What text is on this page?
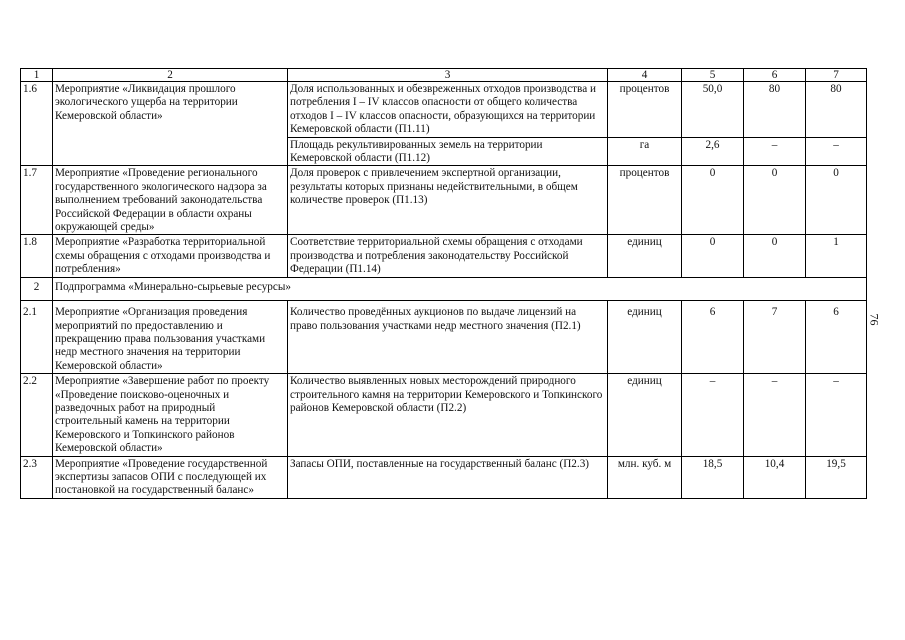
1	2	3	4	5	6	7
1.6	Мероприятие «Ликвидация прошлого экологического ущерба на территории Кемеровской области»	Доля использованных и обезвреженных отходов производства и потребления I – IV классов опасности от общего количества отходов I – IV классов опасности, образующихся на территории Кемеровской области (П1.11)	процентов	50,0	80	80
		Площадь рекультивированных земель на территории Кемеровской области (П1.12)	га	2,6	–	–
1.7	Мероприятие «Проведение регионального государственного экологического надзора за выполнением требований законодательства Российской Федерации в области охраны окружающей среды»	Доля проверок с привлечением экспертной организации, результаты которых признаны недействительными, в общем количестве проверок (П1.13)	процентов	0	0	0
1.8	Мероприятие «Разработка территориальной схемы обращения с отходами производства и потребления»	Соответствие территориальной схемы обращения с отходами производства и потребления законодательству Российской Федерации (П1.14)	единиц	0	0	1
2	Подпрограмма «Минерально-сырьевые ресурсы»					
2.1	Мероприятие «Организация проведения мероприятий по предоставлению и прекращению права пользования участками недр местного значения на территории Кемеровской области»	Количество проведённых аукционов по выдаче лицензий на право пользования участками недр местного значения (П2.1)	единиц	6	7	6
2.2	Мероприятие «Завершение работ по проекту «Проведение поисково-оценочных и разведочных работ на природный строительный камень на территории Кемеровского и Топкинского районов Кемеровской области»	Количество выявленных новых месторождений природного строительного камня на территории Кемеровского и Топкинского районов Кемеровской области (П2.2)	единиц	–	–	–
2.3	Мероприятие «Проведение государственной экспертизы запасов ОПИ с последующей их постановкой на государственный баланс»	Запасы ОПИ, поставленные на государственный баланс (П2.3)	млн. куб. м	18,5	10,4	19,5
76
